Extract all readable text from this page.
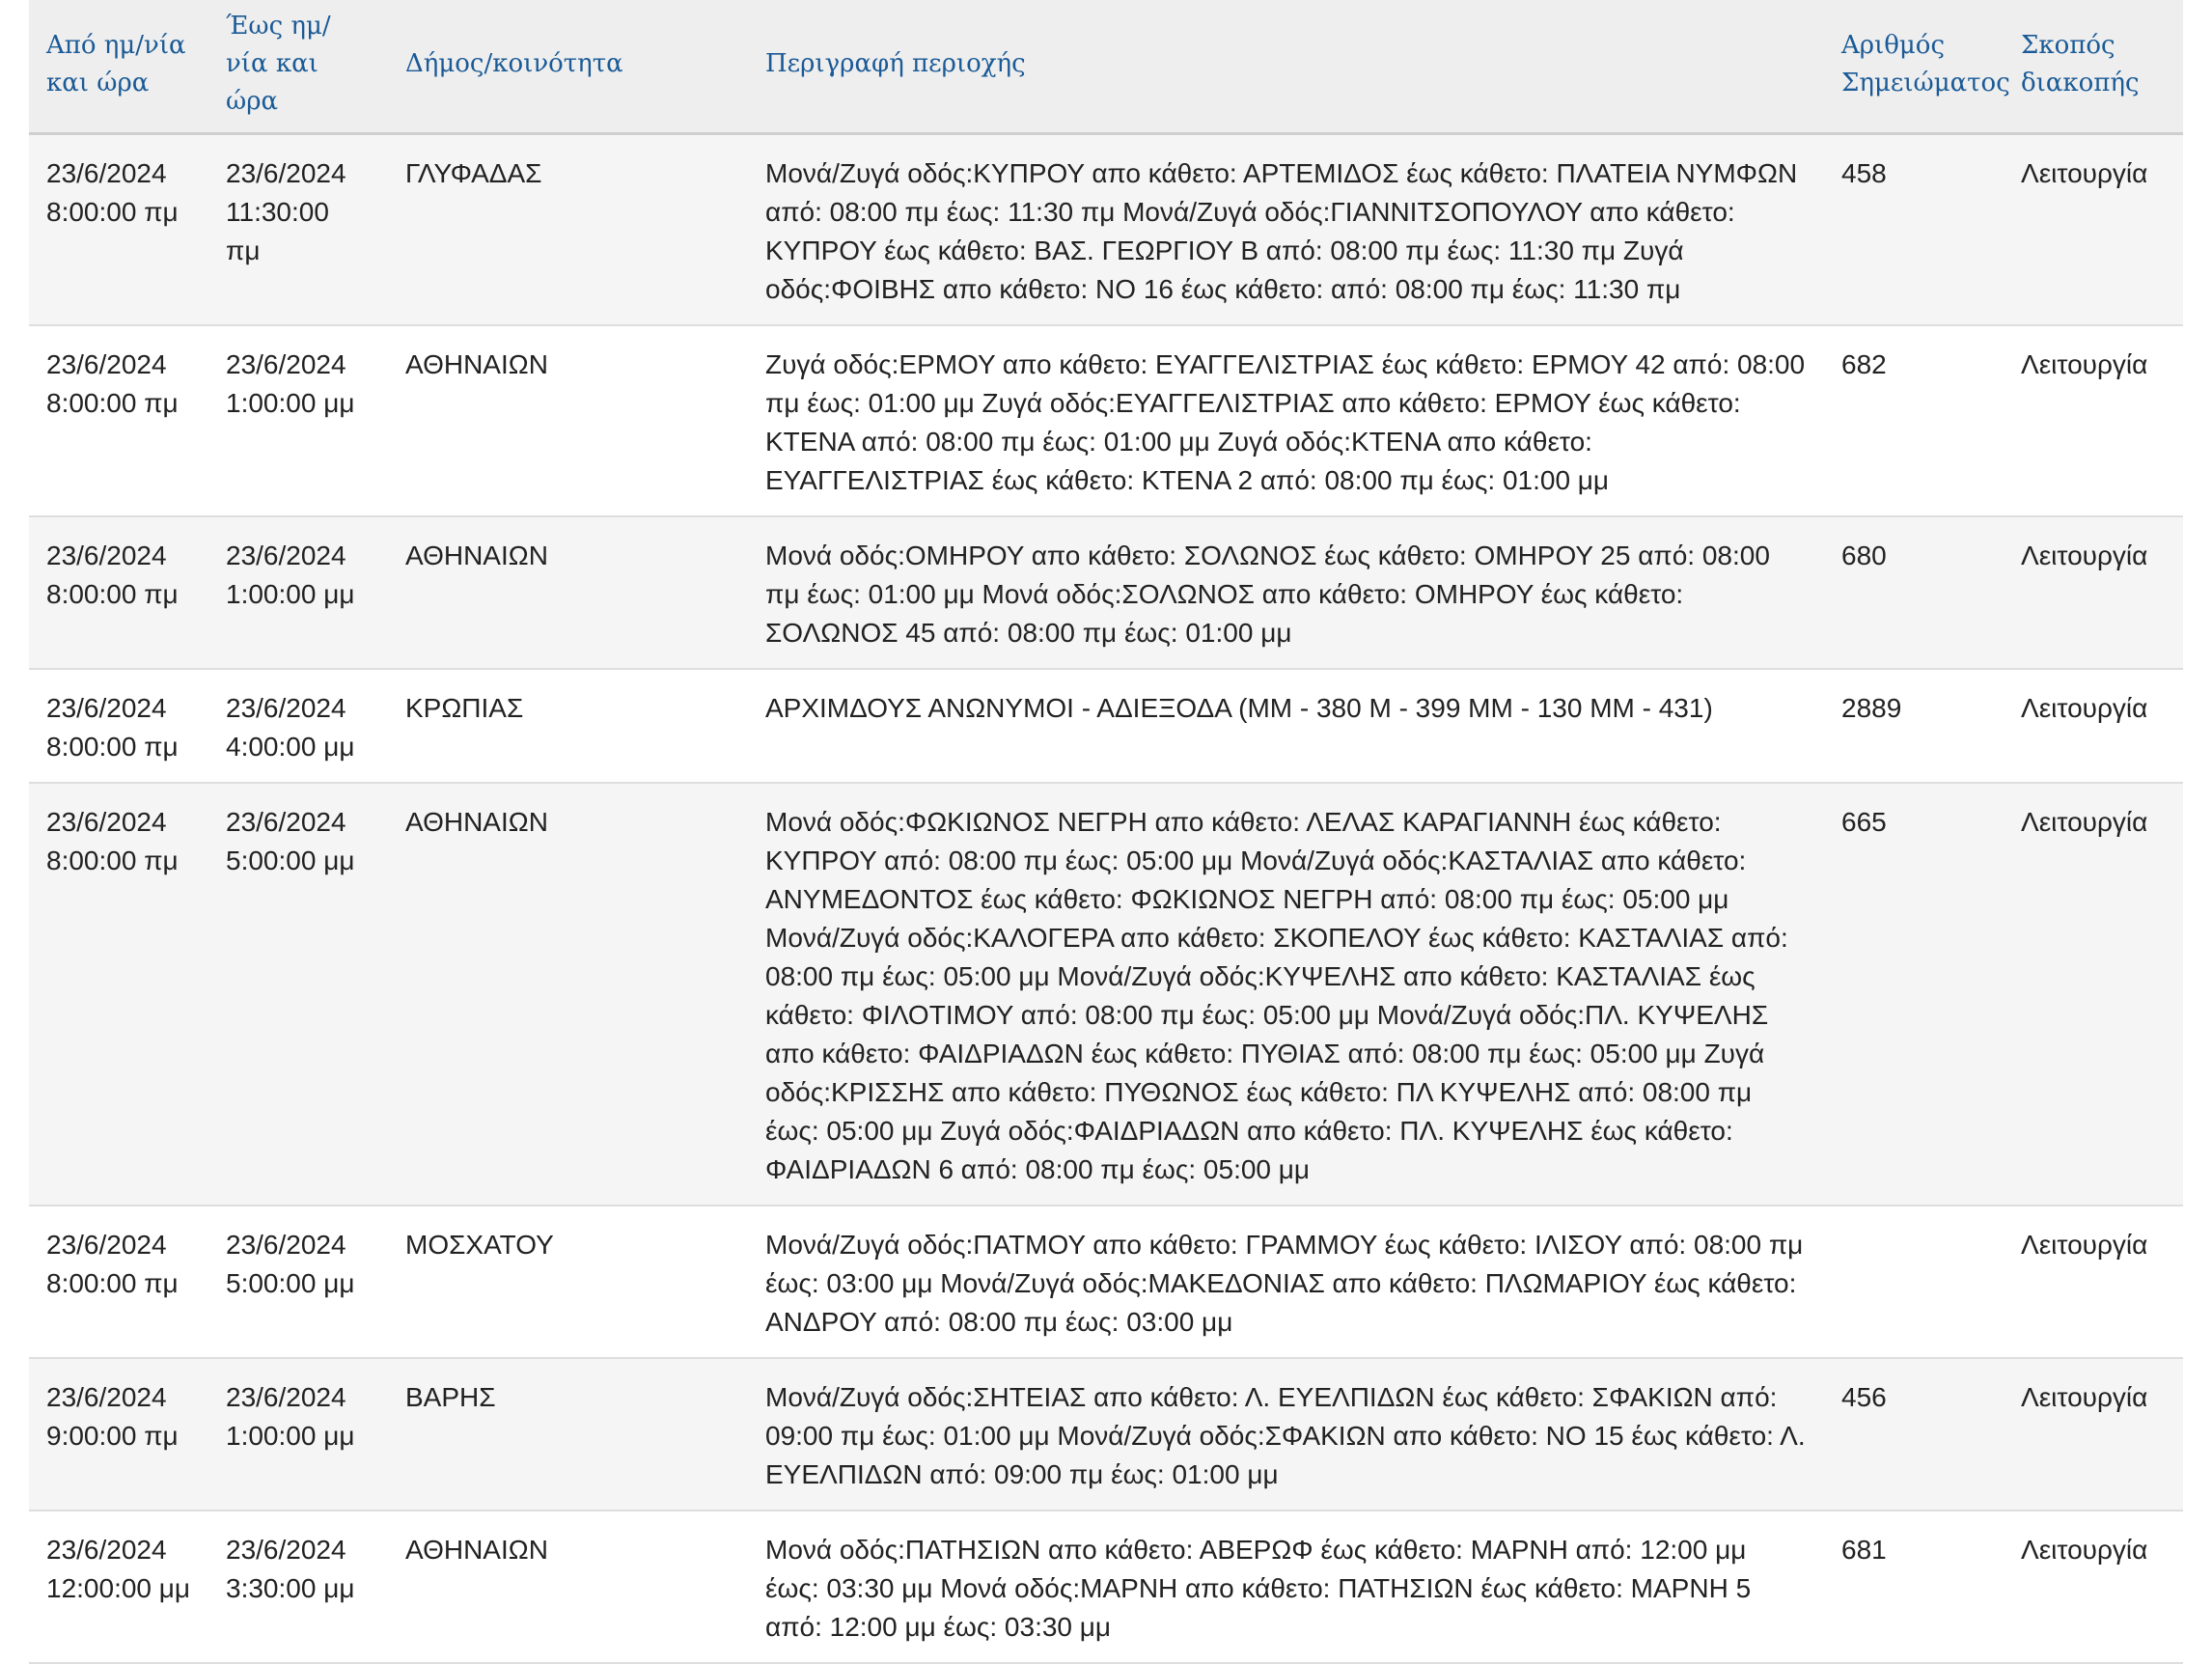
Από ημ/νία και ώρα	Έως ημ/νία και ώρα	Δήμος/κοινότητα	Περιγραφή περιοχής	Αριθμός Σημειώματος	Σκοπός διακοπής
23/6/2024 8:00:00 πμ	23/6/2024 11:30:00 πμ	ΓΛΥΦΑΔΑΣ	Μονά/Ζυγά οδός:ΚΥΠΡΟΥ απο κάθετο: ΑΡΤΕΜΙΔΟΣ έως κάθετο: ΠΛΑΤΕΙΑ ΝΥΜΦΩΝ από: 08:00 πμ έως: 11:30 πμ Μονά/Ζυγά οδός:ΓΙΑΝΝΙΤΣΟΠΟΥΛΟΥ απο κάθετο: ΚΥΠΡΟΥ έως κάθετο: ΒΑΣ. ΓΕΩΡΓΙΟΥ Β από: 08:00 πμ έως: 11:30 πμ Ζυγά οδός:ΦΟΙΒΗΣ απο κάθετο: ΝΟ 16 έως κάθετο: από: 08:00 πμ έως: 11:30 πμ	458	Λειτουργία
23/6/2024 8:00:00 πμ	23/6/2024 1:00:00 μμ	ΑΘΗΝΑΙΩΝ	Ζυγά οδός:ΕΡΜΟΥ απο κάθετο: ΕΥΑΓΓΕΛΙΣΤΡΙΑΣ έως κάθετο: ΕΡΜΟΥ 42 από: 08:00 πμ έως: 01:00 μμ Ζυγά οδός:ΕΥΑΓΓΕΛΙΣΤΡΙΑΣ απο κάθετο: ΕΡΜΟΥ έως κάθετο: ΚΤΕΝΑ από: 08:00 πμ έως: 01:00 μμ Ζυγά οδός:ΚΤΕΝΑ απο κάθετο: ΕΥΑΓΓΕΛΙΣΤΡΙΑΣ έως κάθετο: ΚΤΕΝΑ 2 από: 08:00 πμ έως: 01:00 μμ	682	Λειτουργία
23/6/2024 8:00:00 πμ	23/6/2024 1:00:00 μμ	ΑΘΗΝΑΙΩΝ	Μονά οδός:ΟΜΗΡΟΥ απο κάθετο: ΣΟΛΩΝΟΣ έως κάθετο: ΟΜΗΡΟΥ 25 από: 08:00 πμ έως: 01:00 μμ Μονά οδός:ΣΟΛΩΝΟΣ απο κάθετο: ΟΜΗΡΟΥ έως κάθετο: ΣΟΛΩΝΟΣ 45 από: 08:00 πμ έως: 01:00 μμ	680	Λειτουργία
23/6/2024 8:00:00 πμ	23/6/2024 4:00:00 μμ	ΚΡΩΠΙΑΣ	ΑΡΧΙΜΔΟΥΣ ΑΝΩΝΥΜΟΙ - ΑΔΙΕΞΟΔΑ (ΜΜ - 380 Μ - 399 ΜΜ - 130 ΜΜ - 431)	2889	Λειτουργία
23/6/2024 8:00:00 πμ	23/6/2024 5:00:00 μμ	ΑΘΗΝΑΙΩΝ	Μονά οδός:ΦΩΚΙΩΝΟΣ ΝΕΓΡΗ απο κάθετο: ΛΕΛΑΣ ΚΑΡΑΓΙΑΝΝΗ έως κάθετο: ΚΥΠΡΟΥ από: 08:00 πμ έως: 05:00 μμ Μονά/Ζυγά οδός:ΚΑΣΤΑΛΙΑΣ απο κάθετο: ΑΝΥΜΕΔΟΝΤΟΣ έως κάθετο: ΦΩΚΙΩΝΟΣ ΝΕΓΡΗ από: 08:00 πμ έως: 05:00 μμ Μονά/Ζυγά οδός:ΚΑΛΟΓΕΡΑ απο κάθετο: ΣΚΟΠΕΛΟΥ έως κάθετο: ΚΑΣΤΑΛΙΑΣ από: 08:00 πμ έως: 05:00 μμ Μονά/Ζυγά οδός:ΚΥΨΕΛΗΣ απο κάθετο: ΚΑΣΤΑΛΙΑΣ έως κάθετο: ΦΙΛΟΤΙΜΟΥ από: 08:00 πμ έως: 05:00 μμ Μονά/Ζυγά οδός:ΠΛ. ΚΥΨΕΛΗΣ απο κάθετο: ΦΑΙΔΡΙΑΔΩΝ έως κάθετο: ΠΥΘΙΑΣ από: 08:00 πμ έως: 05:00 μμ Ζυγά οδός:ΚΡΙΣΣΗΣ απο κάθετο: ΠΥΘΩΝΟΣ έως κάθετο: ΠΛ ΚΥΨΕΛΗΣ από: 08:00 πμ έως: 05:00 μμ Ζυγά οδός:ΦΑΙΔΡΙΑΔΩΝ απο κάθετο: ΠΛ. ΚΥΨΕΛΗΣ έως κάθετο: ΦΑΙΔΡΙΑΔΩΝ 6 από: 08:00 πμ έως: 05:00 μμ	665	Λειτουργία
23/6/2024 8:00:00 πμ	23/6/2024 5:00:00 μμ	ΜΟΣΧΑΤΟΥ	Μονά/Ζυγά οδός:ΠΑΤΜΟΥ απο κάθετο: ΓΡΑΜΜΟΥ έως κάθετο: ΙΛΙΣΟΥ από: 08:00 πμ έως: 03:00 μμ Μονά/Ζυγά οδός:ΜΑΚΕΔΟΝΙΑΣ απο κάθετο: ΠΛΩΜΑΡΙΟΥ έως κάθετο: ΑΝΔΡΟΥ από: 08:00 πμ έως: 03:00 μμ		Λειτουργία
23/6/2024 9:00:00 πμ	23/6/2024 1:00:00 μμ	ΒΑΡΗΣ	Μονά/Ζυγά οδός:ΣΗΤΕΙΑΣ απο κάθετο: Λ. ΕΥΕΛΠΙΔΩΝ έως κάθετο: ΣΦΑΚΙΩΝ από: 09:00 πμ έως: 01:00 μμ Μονά/Ζυγά οδός:ΣΦΑΚΙΩΝ απο κάθετο: ΝΟ 15 έως κάθετο: Λ. ΕΥΕΛΠΙΔΩΝ από: 09:00 πμ έως: 01:00 μμ	456	Λειτουργία
23/6/2024 12:00:00 μμ	23/6/2024 3:30:00 μμ	ΑΘΗΝΑΙΩΝ	Μονά οδός:ΠΑΤΗΣΙΩΝ απο κάθετο: ΑΒΕΡΩΦ έως κάθετο: ΜΑΡΝΗ από: 12:00 μμ έως: 03:30 μμ Μονά οδός:ΜΑΡΝΗ απο κάθετο: ΠΑΤΗΣΙΩΝ έως κάθετο: ΜΑΡΝΗ 5 από: 12:00 μμ έως: 03:30 μμ	681	Λειτουργία
